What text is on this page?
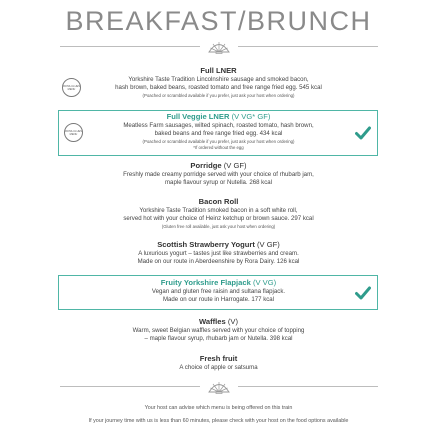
BREAKFAST/BRUNCH
Full LNER
Yorkshire Taste Tradition Lincolnshire sausage and smoked bacon,
hash brown, baked beans, roasted tomato and free range fried egg. 545 kcal
(Poached or scrambled available if you prefer, just ask your host when ordering)
ROSS-CLUES MENU
ROSS-CLUES MENU
Full Veggie LNER (V VG* GF)
Meatless Farm sausages, wilted spinach, roasted tomato, hash brown,
baked beans and free range fried egg. 434 kcal
(Poached or scrambled available if you prefer, just ask your host when ordering)
*If ordered without the egg
Porridge (V GF)
Freshly made creamy porridge served with your choice of rhubarb jam,
maple flavour syrup or Nutella. 268 kcal
Bacon Roll
Yorkshire Taste Tradition smoked bacon in a soft white roll,
served hot with your choice of Heinz ketchup or brown sauce. 297 kcal
(Gluten free roll available, just ask your host when ordering)
Scottish Strawberry Yogurt (V GF)
A luxurious yogurt – tastes just like strawberries and cream.
Made on our route in Aberdeenshire by Rora Dairy. 126 kcal
Fruity Yorkshire Flapjack (V VG)
Vegan and gluten free raisin and sultana flapjack.
Made on our route in Harrogate. 177 kcal
Waffles (V)
Warm, sweet Belgian waffles served with your choice of topping
– maple flavour syrup, rhubarb jam or Nutella. 398 kcal
Fresh fruit
A choice of apple or satsuma
Your host can advise which menu is being offered on this train
If your journey time with us is less than 60 minutes, please check with your host on the food options available
